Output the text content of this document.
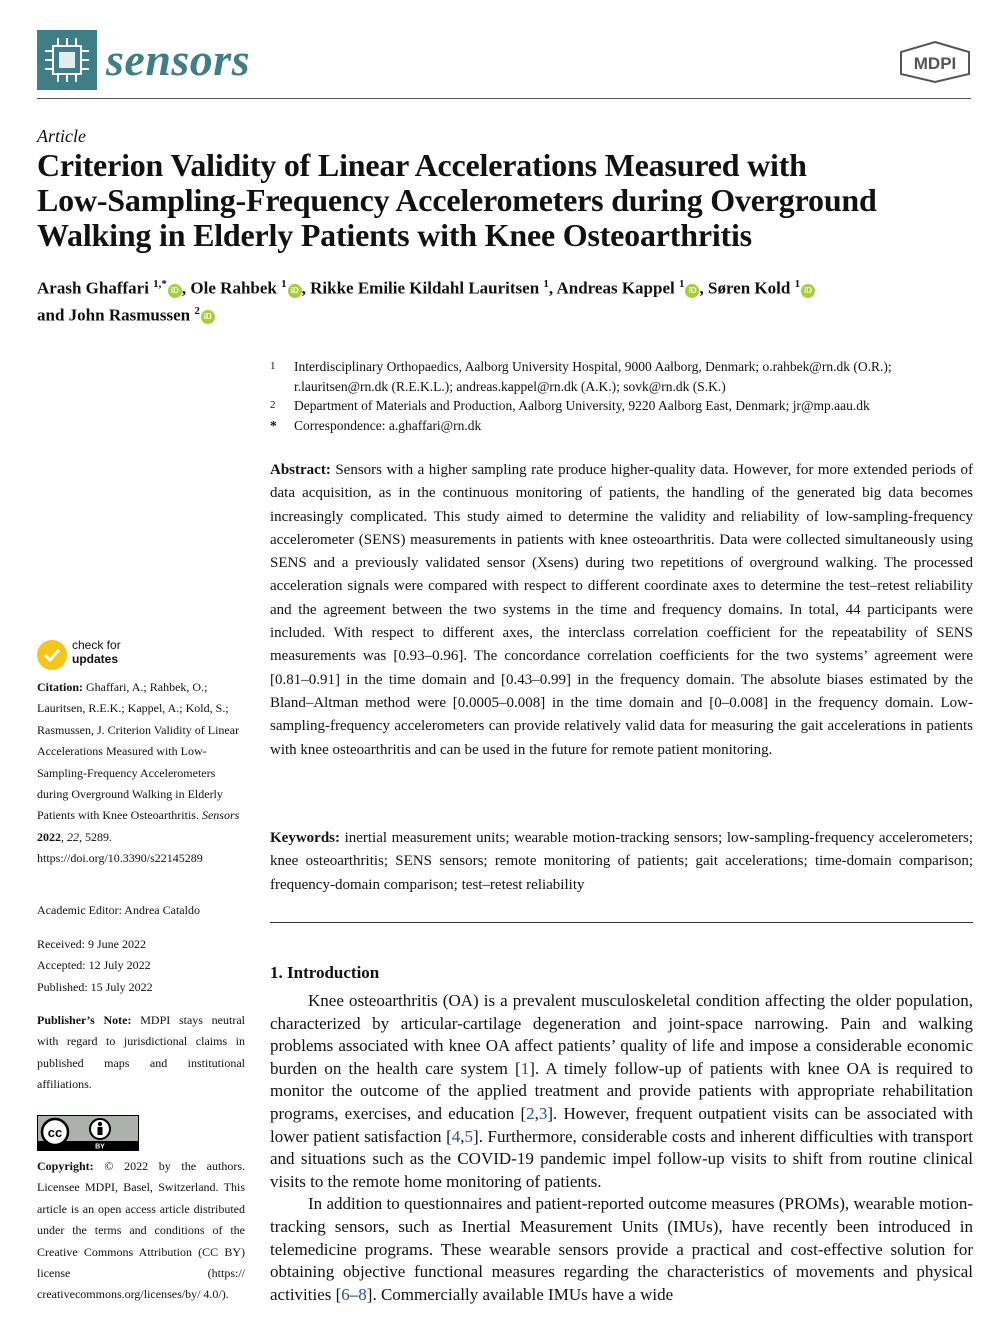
sensors	MDPI
Article
Criterion Validity of Linear Accelerations Measured with
Low-Sampling-Frequency Accelerometers during Overground
Walking in Elderly Patients with Knee Osteoarthritis
Arash Ghaffari $^{1,*}$iD , Ole Rahbek $^1$iD , Rikke Emilie Kildahl Lauritsen $^1$, Andreas Kappel $^1$iD , Søren Kold $^1$iD
and John Rasmussen $^2$iD
1	Interdisciplinary Orthopaedics, Aalborg University Hospital, 9000 Aalborg, Denmark; o.rahbek@rn.dk (O.R.); r.lauritsen@rn.dk (R.E.K.L.); andreas.kappel@rn.dk (A.K.); sovk@rn.dk (S.K.)
2	Department of Materials and Production, Aalborg University, 9220 Aalborg East, Denmark; jr@mp.aau.dk
*	Correspondence: a.ghaffari@rn.dk
Abstract: Sensors with a higher sampling rate produce higher-quality data. However, for more extended periods of data acquisition, as in the continuous monitoring of patients, the handling of the generated big data becomes increasingly complicated. This study aimed to determine the validity and reliability of low-sampling-frequency accelerometer (SENS) measurements in patients with knee osteoarthritis. Data were collected simultaneously using SENS and a previously validated sensor (Xsens) during two repetitions of overground walking. The processed acceleration signals were compared with respect to different coordinate axes to determine the test–retest reliability and the agreement between the two systems in the time and frequency domains. In total, 44 participants were included. With respect to different axes, the interclass correlation coefficient for the repeatability of SENS measurements was [0.93–0.96]. The concordance correlation coefficients for the two systems’ agreement were [0.81–0.91] in the time domain and [0.43–0.99] in the frequency domain. The absolute biases estimated by the Bland–Altman method were [0.0005–0.008] in the time domain and [0–0.008] in the frequency domain. Low-sampling-frequency accelerometers can provide relatively valid data for measuring the gait accelerations in patients with knee osteoarthritis and can be used in the future for remote patient monitoring.
Keywords: inertial measurement units; wearable motion-tracking sensors; low-sampling-frequency accelerometers; knee osteoarthritis; SENS sensors; remote monitoring of patients; gait accelerations; time-domain comparison; frequency-domain comparison; test–retest reliability
check for
updates
Citation: Ghaffari, A.; Rahbek, O.; Lauritsen, R.E.K.; Kappel, A.; Kold, S.; Rasmussen, J. Criterion Validity of Linear Accelerations Measured with Low-Sampling-Frequency Accelerometers during Overground Walking in Elderly Patients with Knee Osteoarthritis. Sensors 2022, 22, 5289. https://doi.org/10.3390/s22145289
Academic Editor: Andrea Cataldo
Received: 9 June 2022
Accepted: 12 July 2022
Published: 15 July 2022
Publisher’s Note: MDPI stays neutral with regard to jurisdictional claims in published maps and institutional affiliations.
cc
BY
Copyright: © 2022 by the authors. Licensee MDPI, Basel, Switzerland. This article is an open access article distributed under the terms and conditions of the Creative Commons Attribution (CC BY) license (https:// creativecommons.org/licenses/by/ 4.0/).
1. Introduction

Knee osteoarthritis (OA) is a prevalent musculoskeletal condition affecting the older population, characterized by articular-cartilage degeneration and joint-space narrowing. Pain and walking problems associated with knee OA affect patients’ quality of life and impose a considerable economic burden on the health care system [1]. A timely follow-up of patients with knee OA is required to monitor the outcome of the applied treatment and provide patients with appropriate rehabilitation programs, exercises, and education [2,3]. However, frequent outpatient visits can be associated with lower patient satisfaction [4,5]. Furthermore, considerable costs and inherent difficulties with transport and situations such as the COVID-19 pandemic impel follow-up visits to shift from routine clinical visits to the remote home monitoring of patients.

In addition to questionnaires and patient-reported outcome measures (PROMs), wearable motion-tracking sensors, such as Inertial Measurement Units (IMUs), have recently been introduced in telemedicine programs. These wearable sensors provide a practical and cost-effective solution for obtaining objective functional measures regarding the characteristics of movements and physical activities [6–8]. Commercially available IMUs have a wide
